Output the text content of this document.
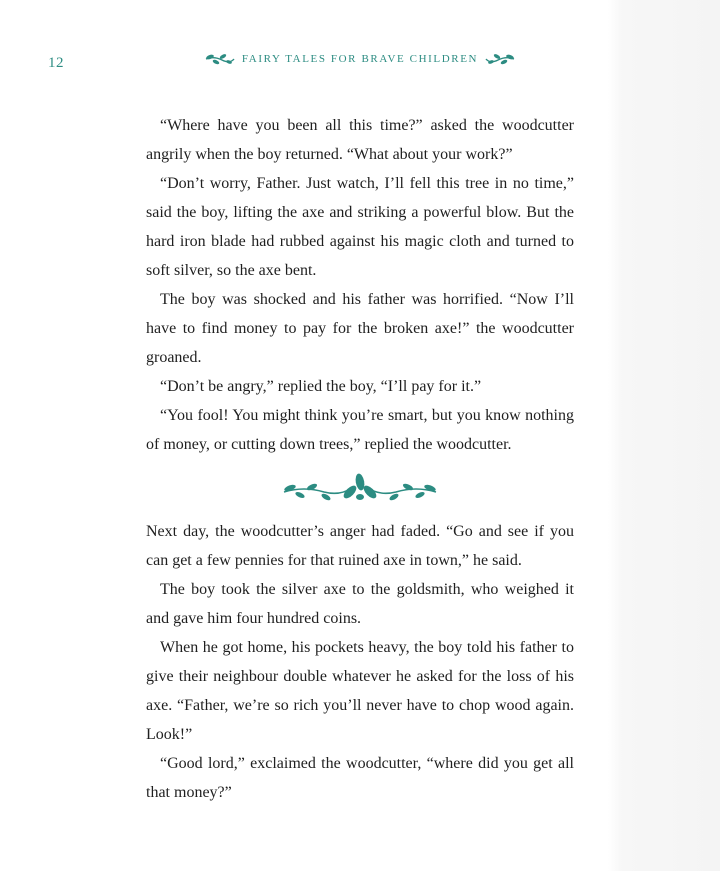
12	FAIRY TALES FOR BRAVE CHILDREN

“Where have you been all this time?” asked the woodcutter angrily when the boy returned. “What about your work?”

“Don’t worry, Father. Just watch, I’ll fell this tree in no time,” said the boy, lifting the axe and striking a powerful blow. But the hard iron blade had rubbed against his magic cloth and turned to soft silver, so the axe bent.

The boy was shocked and his father was horrified. “Now I’ll have to find money to pay for the broken axe!” the woodcutter groaned.

“Don’t be angry,” replied the boy, “I’ll pay for it.”

“You fool! You might think you’re smart, but you know nothing of money, or cutting down trees,” replied the woodcutter.

Next day, the woodcutter’s anger had faded. “Go and see if you can get a few pennies for that ruined axe in town,” he said.

The boy took the silver axe to the goldsmith, who weighed it and gave him four hundred coins.

When he got home, his pockets heavy, the boy told his father to give their neighbour double whatever he asked for the loss of his axe. “Father, we’re so rich you’ll never have to chop wood again. Look!”

“Good lord,” exclaimed the woodcutter, “where did you get all that money?”
